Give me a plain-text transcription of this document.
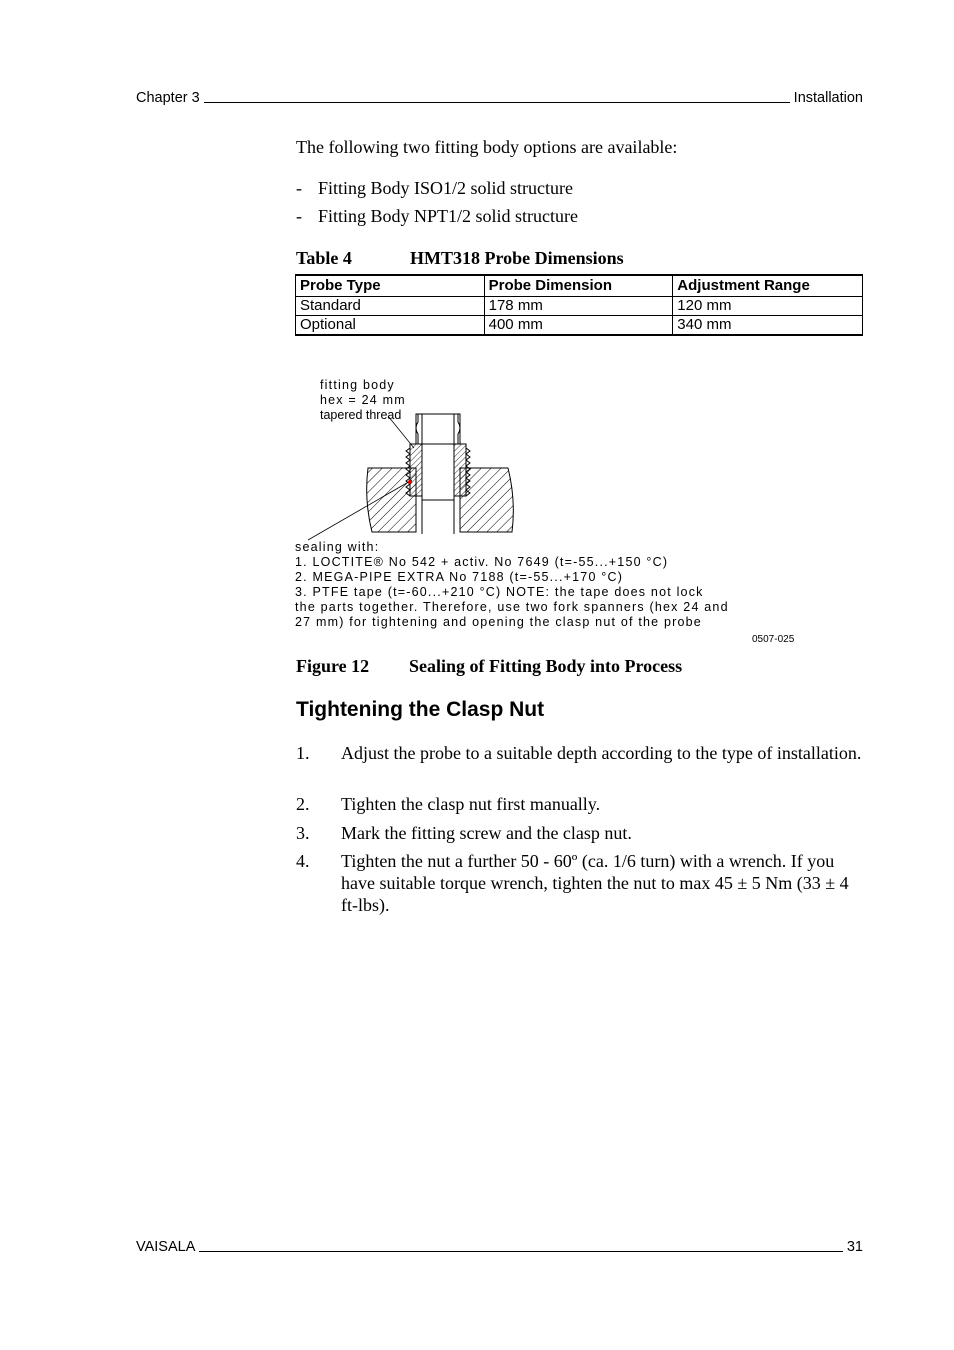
Chapter 3	Installation
The following two fitting body options are available:
- Fitting Body ISO1/2 solid structure
- Fitting Body NPT1/2 solid structure
Table 4	HMT318 Probe Dimensions
Probe Type	Probe Dimension	Adjustment Range
Standard	178 mm	120 mm
Optional	400 mm	340 mm
fitting body
hex = 24 mm
tapered thread
sealing with:
1. LOCTITE® No 542 + activ. No 7649 (t=-55...+150 °C)
2. MEGA-PIPE EXTRA No 7188 (t=-55...+170 °C)
3. PTFE tape (t=-60...+210 °C) NOTE: the tape does not lock
the parts together. Therefore, use two fork spanners (hex 24 and
27 mm) for tightening and opening the clasp nut of the probe
0507-025
Figure 12 Sealing of Fitting Body into Process
Tightening the Clasp Nut
1.	Adjust the probe to a suitable depth according to the type of installation.
2.	Tighten the clasp nut first manually.
3.	Mark the fitting screw and the clasp nut.
4.	Tighten the nut a further 50 - 60º (ca. 1/6 turn) with a wrench. If you have suitable torque wrench, tighten the nut to max 45 ± 5 Nm (33 ± 4 ft-lbs).
VAISALA	31
